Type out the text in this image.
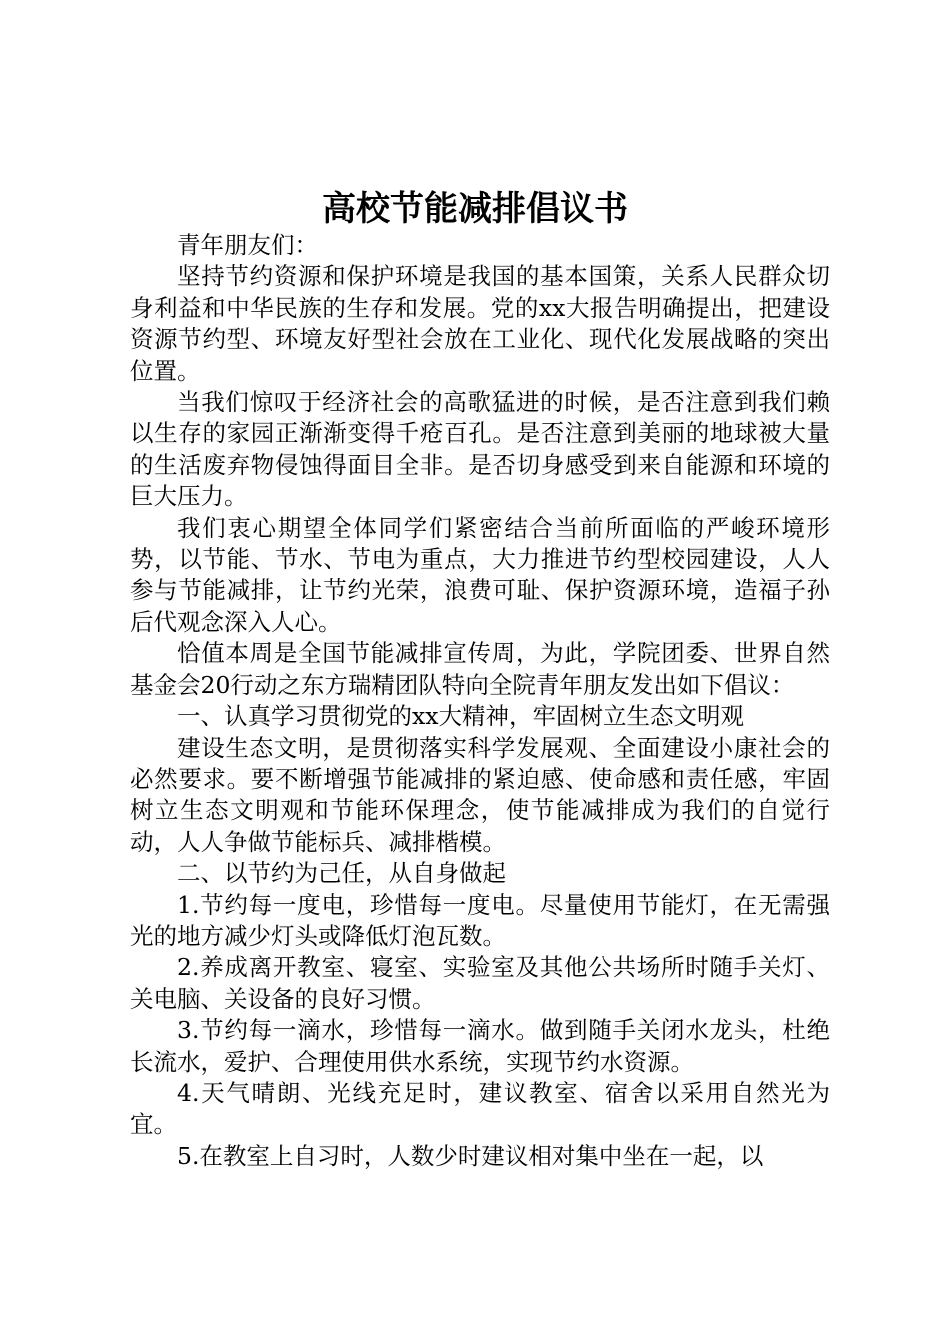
高校节能减排倡议书

青年朋友们：

坚持节约资源和保护环境是我国的基本国策，关系人民群众切身利益和中华民族的生存和发展。党的xx大报告明确提出，把建设资源节约型、环境友好型社会放在工业化、现代化发展战略的突出位置。

当我们惊叹于经济社会的高歌猛进的时候，是否注意到我们赖以生存的家园正渐渐变得千疮百孔。是否注意到美丽的地球被大量的生活废弃物侵蚀得面目全非。是否切身感受到来自能源和环境的巨大压力。

我们衷心期望全体同学们紧密结合当前所面临的严峻环境形势，以节能、节水、节电为重点，大力推进节约型校园建设，人人参与节能减排，让节约光荣，浪费可耻、保护资源环境，造福子孙后代观念深入人心。

恰值本周是全国节能减排宣传周，为此，学院团委、世界自然基金会20行动之东方瑞精团队特向全院青年朋友发出如下倡议：

一、认真学习贯彻党的xx大精神，牢固树立生态文明观

建设生态文明，是贯彻落实科学发展观、全面建设小康社会的必然要求。要不断增强节能减排的紧迫感、使命感和责任感，牢固树立生态文明观和节能环保理念，使节能减排成为我们的自觉行动，人人争做节能标兵、减排楷模。

二、以节约为己任，从自身做起

1.节约每一度电，珍惜每一度电。尽量使用节能灯，在无需强光的地方减少灯头或降低灯泡瓦数。

2.养成离开教室、寝室、实验室及其他公共场所时随手关灯、关电脑、关设备的良好习惯。

3.节约每一滴水，珍惜每一滴水。做到随手关闭水龙头，杜绝长流水，爱护、合理使用供水系统，实现节约水资源。

4.天气晴朗、光线充足时，建议教室、宿舍以采用自然光为宜。

5.在教室上自习时，人数少时建议相对集中坐在一起，以
